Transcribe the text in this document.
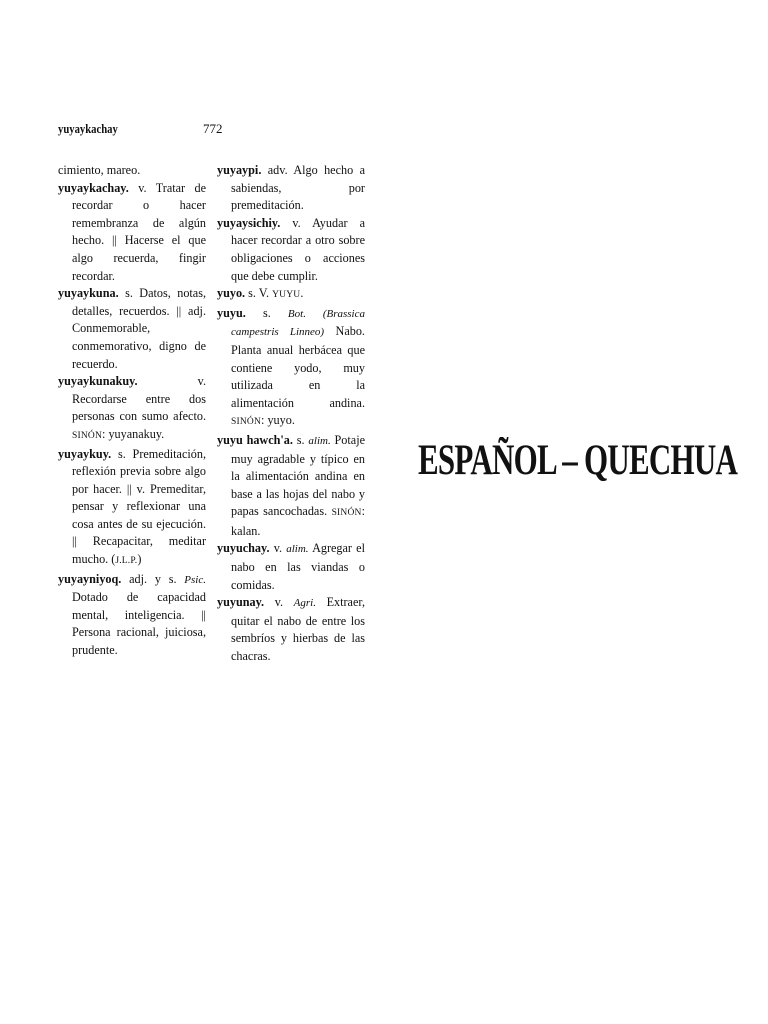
yuyaykachay	772

cimiento, mareo.

yuyaykachay. v. Tratar de recordar o hacer remembranza de algún hecho. || Hacerse el que algo recuerda, fingir recordar.

yuyaykuna. s. Datos, notas, detalles, recuerdos. || adj. Conmemorable, conmemorativo, digno de recuerdo.

yuyaykunakuy. v. Recordarse entre dos personas con sumo afecto. SINÓN: yuyanakuy.

yuyaykuy. s. Premeditación, reflexión previa sobre algo por hacer. || v. Premeditar, pensar y reflexionar una cosa antes de su ejecución. || Recapacitar, meditar mucho. (J.L.P.)

yuyayniyoq. adj. y s. Psic. Dotado de capacidad mental, inteligencia. || Persona racional, juiciosa, prudente.

yuyaypi. adv. Algo hecho a sabiendas, por premeditación.

yuyaysichiy. v. Ayudar a hacer recordar a otro sobre obligaciones o acciones que debe cumplir.

yuyo. s. V. YUYU.

yuyu. s. Bot. (Brassica campestris Linneo) Nabo. Planta anual herbácea que contiene yodo, muy utilizada en la alimentación andina. SINÓN: yuyo.

yuyu hawch'a. s. alim. Potaje muy agradable y típico en la alimentación andina en base a las hojas del nabo y papas sancochadas. SINÓN: kalan.

yuyuchay. v. alim. Agregar el nabo en las viandas o comidas.

yuyunay. v. Agri. Extraer, quitar el nabo de entre los sembríos y hierbas de las chacras.

ESPAÑOL – QUECHUA
